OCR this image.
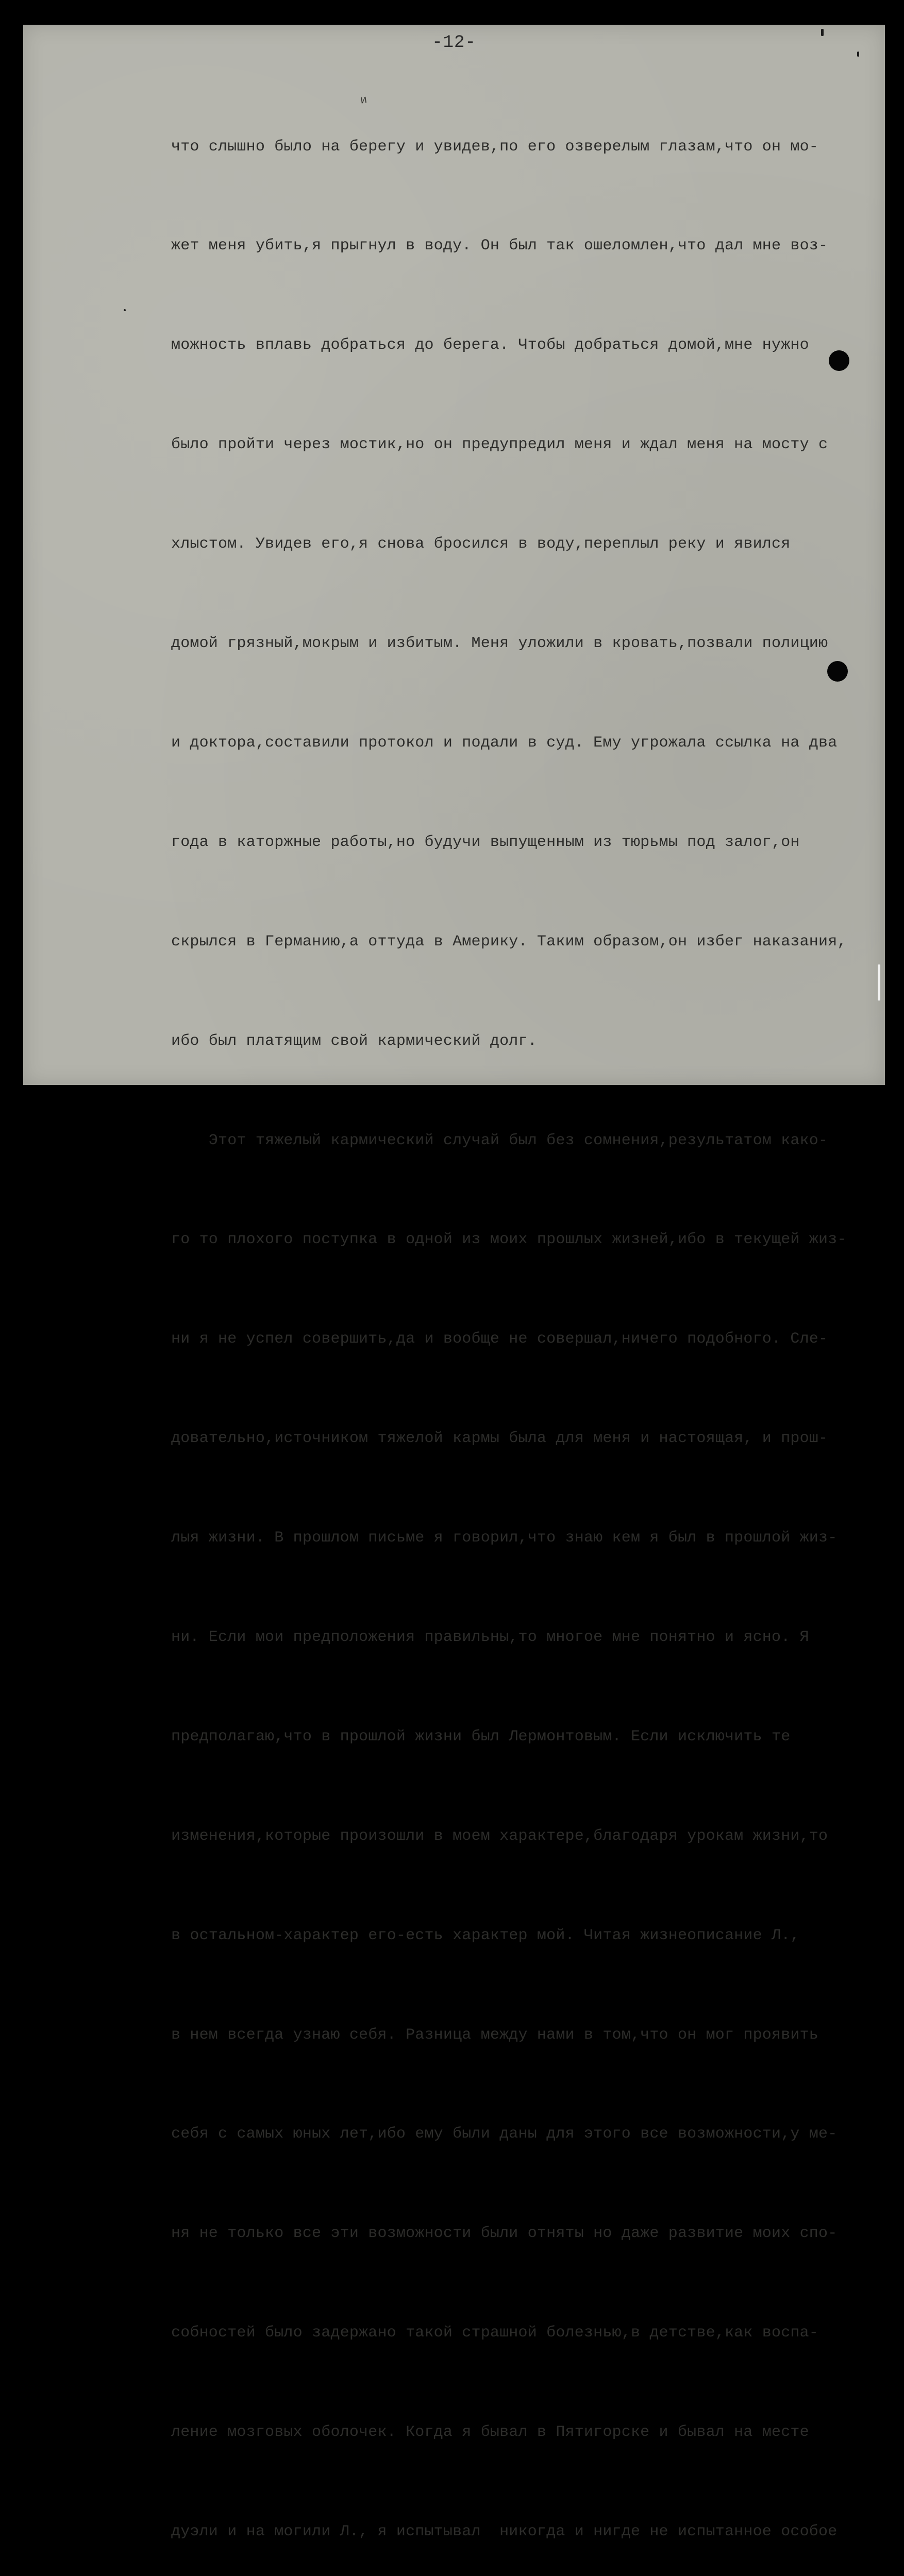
-12-
и

что слышно было на берегу и увидев,по его озверелым глазам,что он мо-

жет меня убить,я прыгнул в воду. Он был так ошеломлен,что дал мне воз-

можность вплавь добраться до берега. Чтобы добраться домой,мне нужно

было пройти через мостик,но он предупредил меня и ждал меня на мосту с

хлыстом. Увидев его,я снова бросился в воду,переплыл реку и явился

домой грязный,мокрым и избитым. Меня уложили в кровать,позвали полицию

и доктора,составили протокол и подали в суд. Ему угрожала ссылка на два

года в каторжные работы,но будучи выпущенным из тюрьмы под залог,он

скрылся в Германию,а оттуда в Америку. Таким образом,он избег наказания,

ибо был платящим свой кармический долг.

Этот тяжелый кармический случай был без сомнения,результатом како-

го то плохого поступка в одной из моих прошлых жизней,ибо в текущей жиз-

ни я не успел совершить,да и вообще не совершал,ничего подобного. Сле-

довательно,источником тяжелой кармы была для меня и настоящая, и прош-

лыя жизни. В прошлом письме я говорил,что знаю кем я был в прошлой жиз-

ни. Если мои предположения правильны,то многое мне понятно и ясно. Я

предполагаю,что в прошлой жизни был Лермонтовым. Если исключить те

изменения,которые произошли в моем характере,благодаря урокам жизни,то

в остальном-характер его-есть характер мой. Читая жизнеописание Л.,

в нем всегда узнаю себя. Разница между нами в том,что он мог проявить

себя с самых юных лет,ибо ему были даны для этого все возможности,у ме-

ня не только все эти возможности были отняты но даже развитие моих спо-

собностей было задержано такой страшной болезнью,в детстве,как воспа-

ление мозговых оболочек. Когда я бывал в Пятигорске и бывал на месте

дуэли и на могили Л., я испытывал  никогда и нигде не испытанное особое
